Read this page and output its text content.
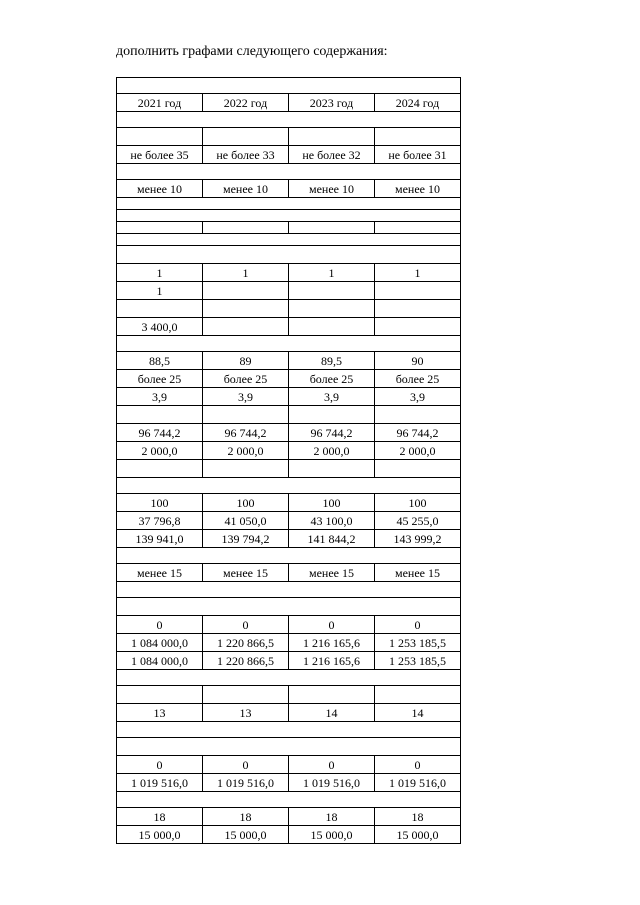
дополнить графами следующего содержания:

2021 год	2022 год	2023 год	2024 год

не более 35	не более 33	не более 32	не более 31

менее 10	менее 10	менее 10	менее 10

1	1	1	1
1			

3 400,0			

88,5	89	89,5	90
более 25	более 25	более 25	более 25
3,9	3,9	3,9	3,9

96 744,2	96 744,2	96 744,2	96 744,2
2 000,0	2 000,0	2 000,0	2 000,0

100	100	100	100
37 796,8	41 050,0	43 100,0	45 255,0
139 941,0	139 794,2	141 844,2	143 999,2

менее 15	менее 15	менее 15	менее 15

0	0	0	0
1 084 000,0	1 220 866,5	1 216 165,6	1 253 185,5
1 084 000,0	1 220 866,5	1 216 165,6	1 253 185,5

13	13	14	14

0	0	0	0
1 019 516,0	1 019 516,0	1 019 516,0	1 019 516,0

18	18	18	18
15 000,0	15 000,0	15 000,0	15 000,0
